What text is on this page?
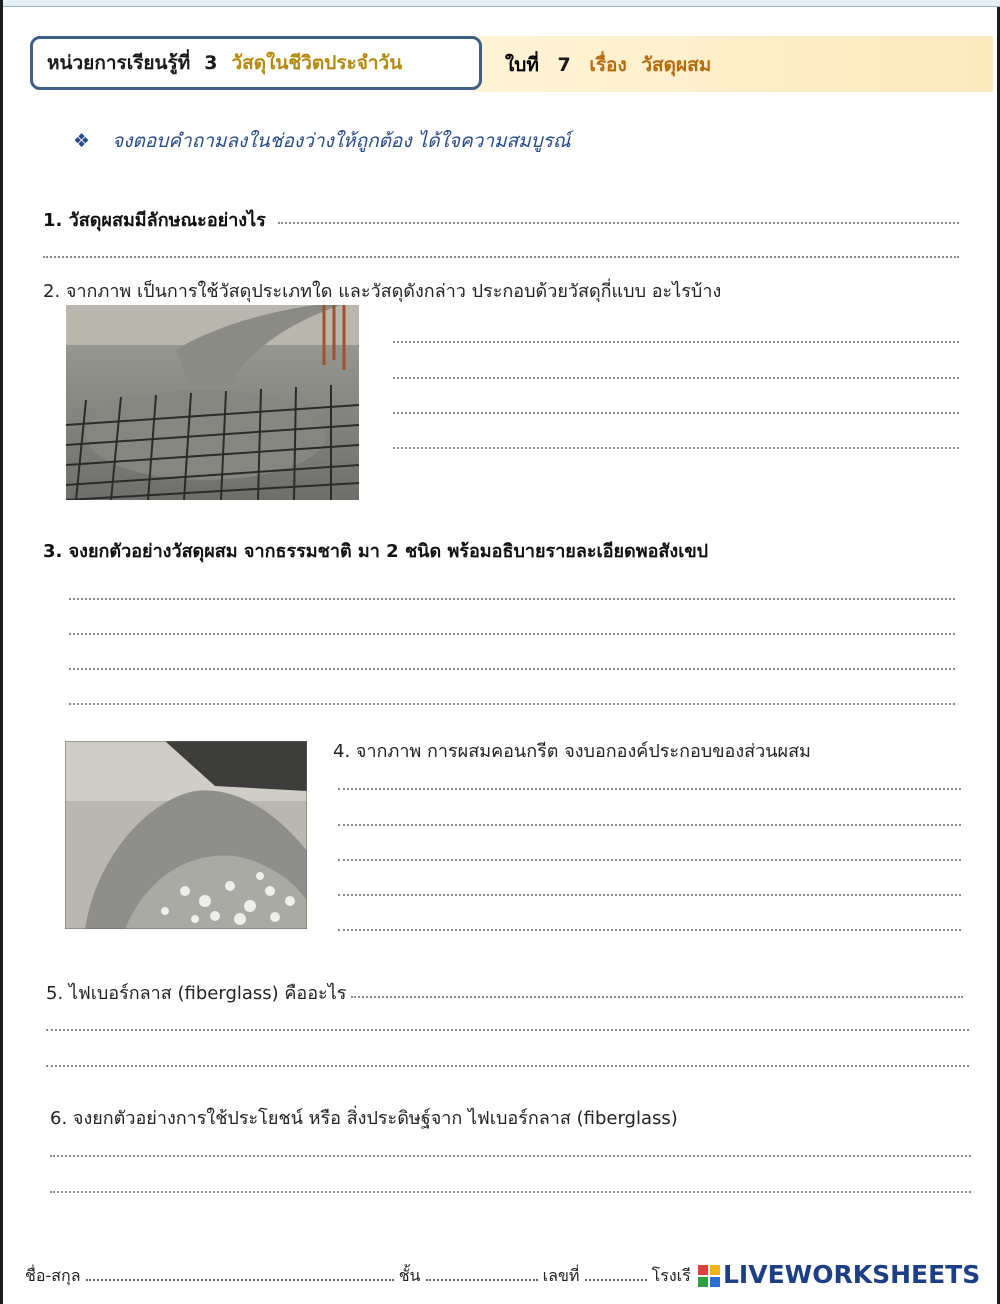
หน่วยการเรียนรู้ที่ 3 วัสดุในชีวิตประจำวัน	ใบที่ 7 เรื่อง วัสดุผสม
❖ จงตอบคำถามลงในช่องว่างให้ถูกต้อง ได้ใจความสมบูรณ์
1. วัสดุผสมมีลักษณะอย่างไร
2. จากภาพ เป็นการใช้วัสดุประเภทใด และวัสดุดังกล่าว ประกอบด้วยวัสดุกี่แบบ อะไรบ้าง
3. จงยกตัวอย่างวัสดุผสม จากธรรมชาติ มา 2 ชนิด พร้อมอธิบายรายละเอียดพอสังเขป
4. จากภาพ การผสมคอนกรีต จงบอกองค์ประกอบของส่วนผสม
5. ไฟเบอร์กลาส (fiberglass) คืออะไร
6. จงยกตัวอย่างการใช้ประโยชน์ หรือ สิ่งประดิษฐ์จาก ไฟเบอร์กลาส (fiberglass)
ชื่อ-สกุล	ชั้น	เลขที่	โรงเรี LIVEWORKSHEETS
